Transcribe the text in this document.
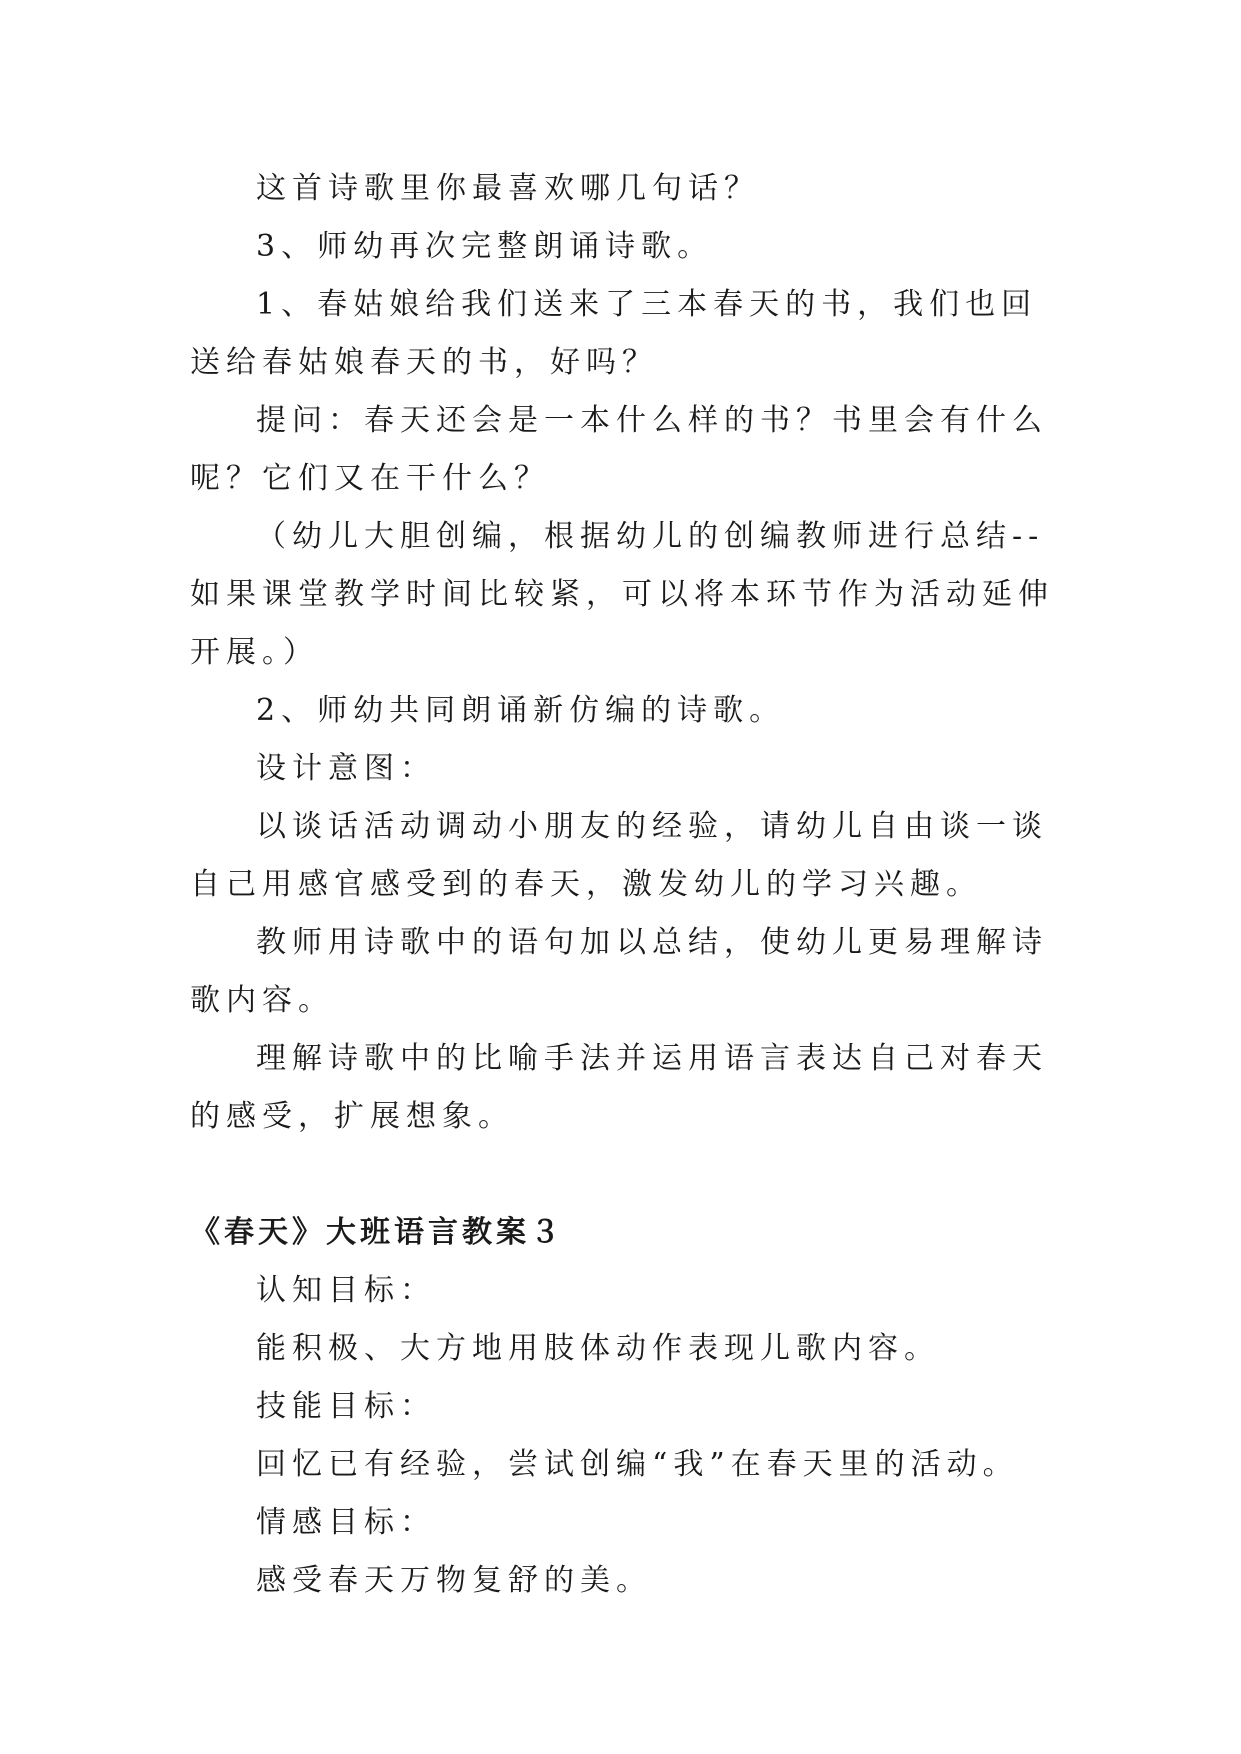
这首诗歌里你最喜欢哪几句话？

3、师幼再次完整朗诵诗歌。

1、春姑娘给我们送来了三本春天的书，我们也回送给春姑娘春天的书，好吗？

提问：春天还会是一本什么样的书？书里会有什么呢？它们又在干什么？

（幼儿大胆创编，根据幼儿的创编教师进行总结--如果课堂教学时间比较紧，可以将本环节作为活动延伸开展。）

2、师幼共同朗诵新仿编的诗歌。

设计意图：

以谈话活动调动小朋友的经验，请幼儿自由谈一谈自己用感官感受到的春天，激发幼儿的学习兴趣。

教师用诗歌中的语句加以总结，使幼儿更易理解诗歌内容。

理解诗歌中的比喻手法并运用语言表达自己对春天的感受，扩展想象。

《春天》大班语言教案３

认知目标：

能积极、大方地用肢体动作表现儿歌内容。

技能目标：

回忆已有经验，尝试创编“我”在春天里的活动。

情感目标：

感受春天万物复舒的美。
